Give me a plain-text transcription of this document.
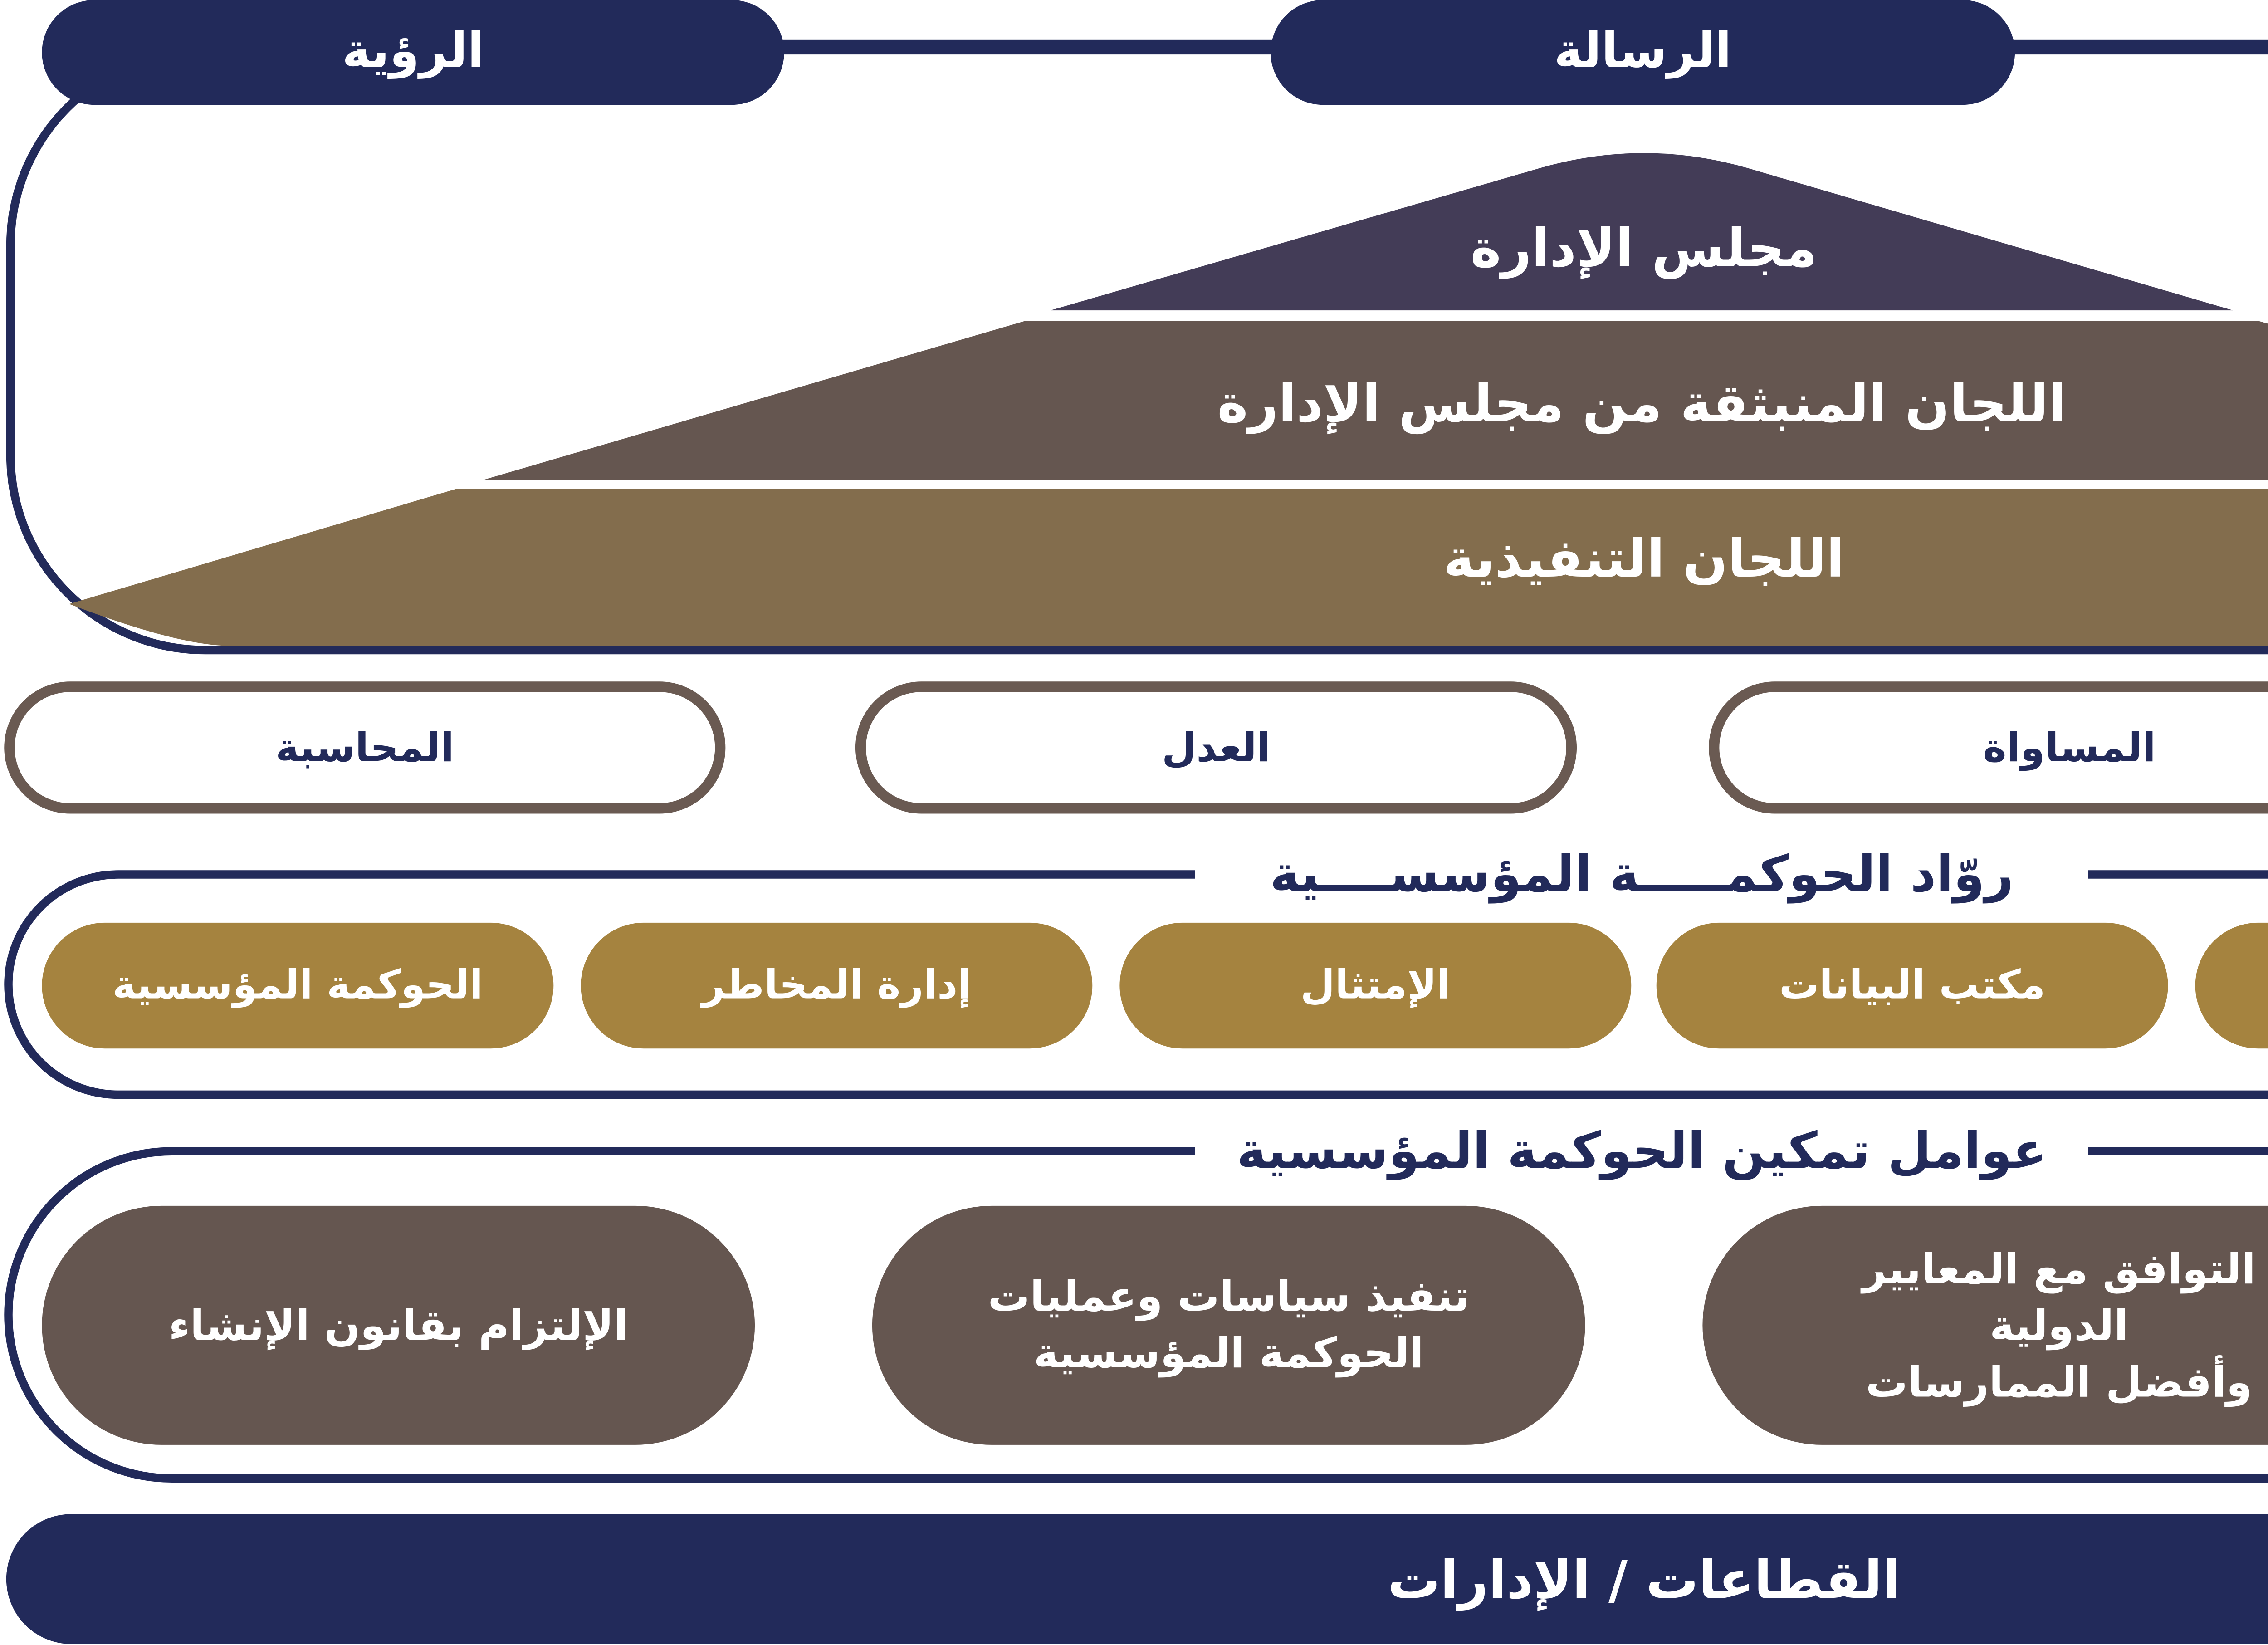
الرؤية	الرسالة
مجلس الإدارة
اللجان المنبثقة من مجلس الإدارة
اللجان التنفيذية
المساواة
العدل
المحاسبة
روّاد الحوكمـــــة المؤسســــية
مكتب البيانات
الإمتثال
إدارة المخاطر
الحوكمة المؤسسية
عوامل تمكين الحوكمة المؤسسية
التوافق مع المعايير الدولية
وأفضل الممارسات
تنفيذ سياسات وعمليات
الحوكمة المؤسسية
الإلتزام بقانون الإنشاء
القطاعات / الإدارات
